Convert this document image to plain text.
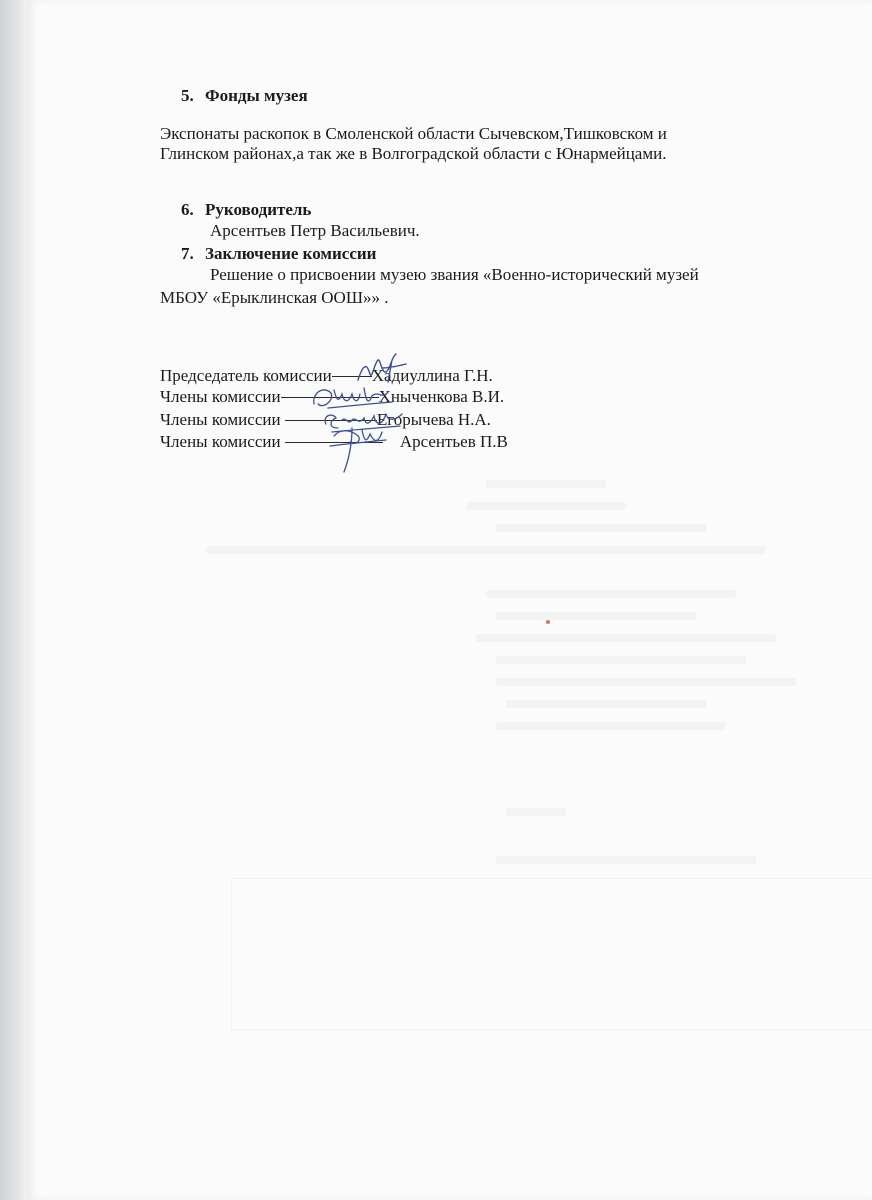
5. Фонды музея
Экспонаты раскопок в Смоленской области Сычевском,Тишковском и
Глинском районах,а так же в Волгоградской области с Юнармейцами.
6. Руководитель
Арсентьев Петр Васильевич.
7. Заключение комиссии
Решение о присвоении музею звания «Военно-исторический музей
МБОУ «Ерыклинская ООШ»» .
Председатель комиссии Хадиуллина Г.Н.
Члены комиссии	Хныченкова В.И.
Члены комиссии	Егорычева Н.А.
Члены комиссии	Арсентьев П.В
